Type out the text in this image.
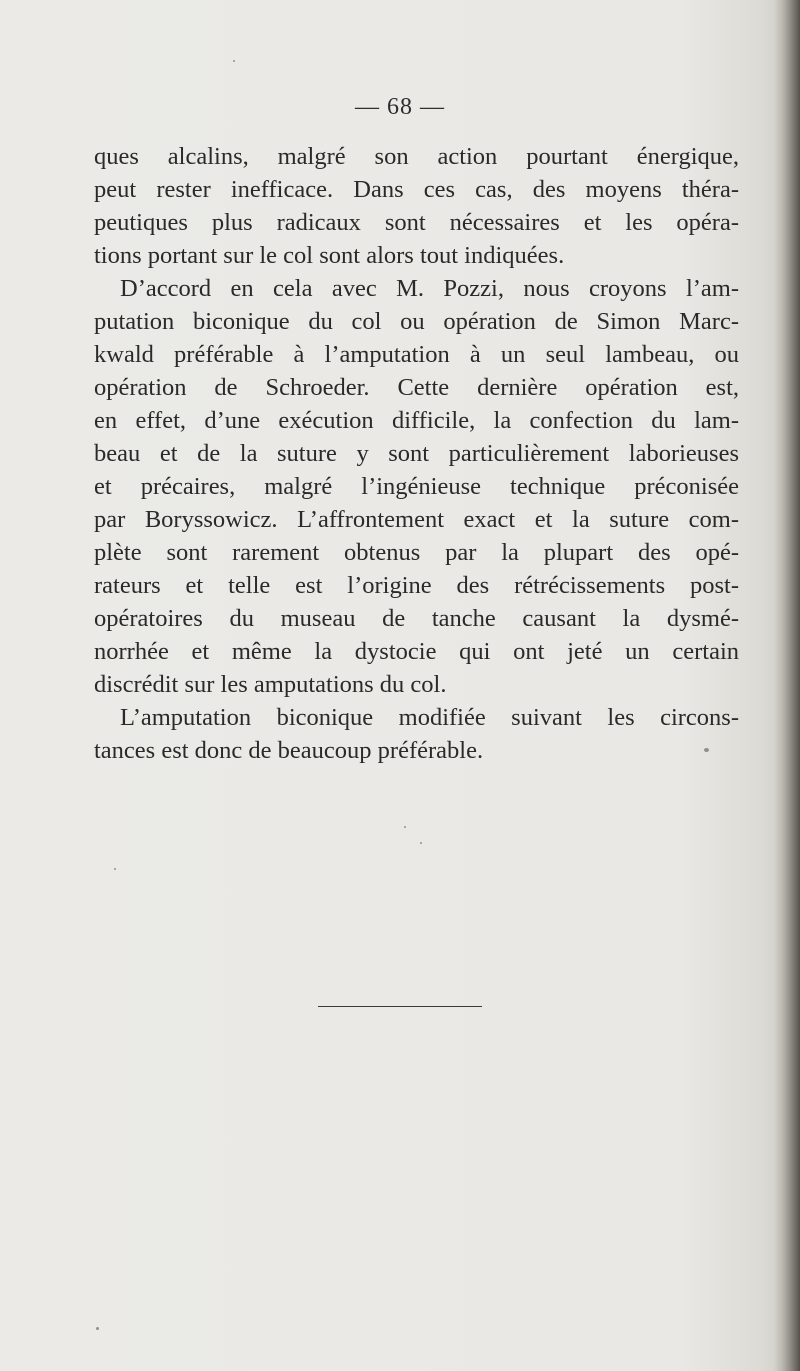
— 68 —
ques alcalins, malgré son action pourtant énergique,
peut rester inefficace. Dans ces cas, des moyens théra-
peutiques plus radicaux sont nécessaires et les opéra-
tions portant sur le col sont alors tout indiquées.
D’accord en cela avec M. Pozzi, nous croyons l’am-
putation biconique du col ou opération de Simon Marc-
kwald préférable à l’amputation à un seul lambeau, ou
opération de Schroeder. Cette dernière opération est,
en effet, d’une exécution difficile, la confection du lam-
beau et de la suture y sont particulièrement laborieuses
et précaires, malgré l’ingénieuse technique préconisée
par Boryssowicz. L’affrontement exact et la suture com-
plète sont rarement obtenus par la plupart des opé-
rateurs et telle est l’origine des rétrécissements post-
opératoires du museau de tanche causant la dysmé-
norrhée et même la dystocie qui ont jeté un certain
discrédit sur les amputations du col.
L’amputation biconique modifiée suivant les circons-
tances est donc de beaucoup préférable.
